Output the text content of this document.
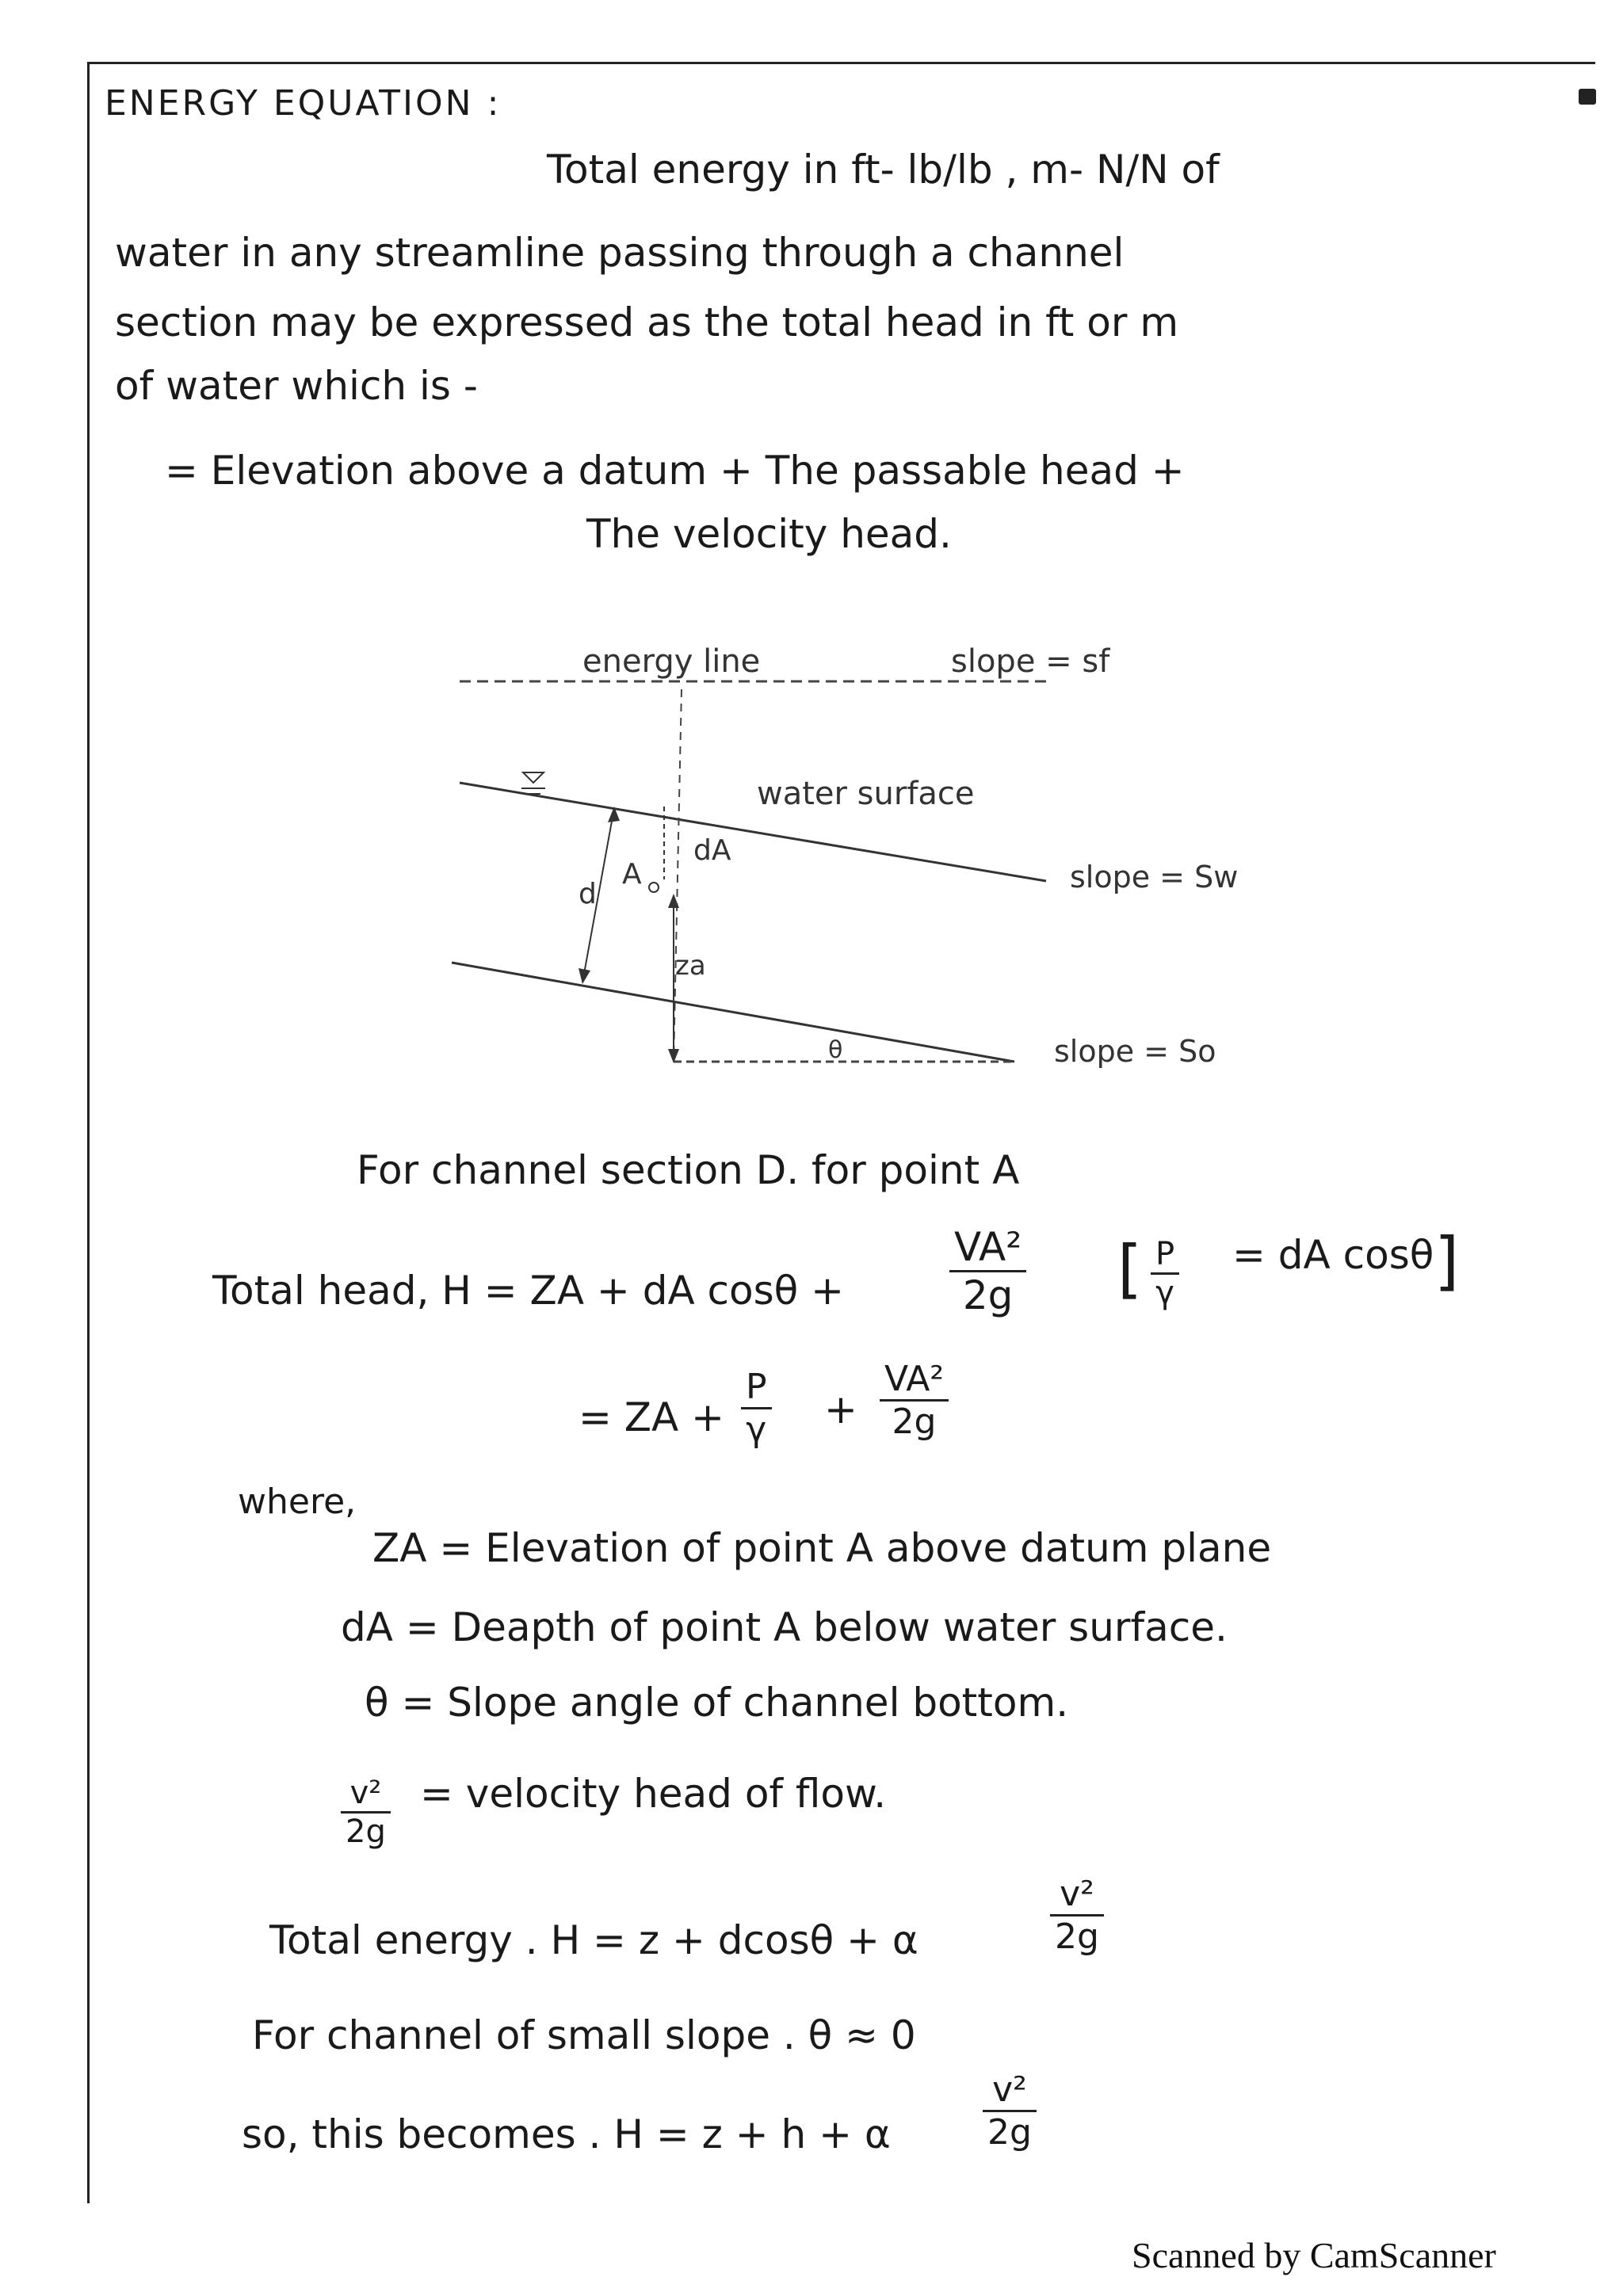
ENERGY EQUATION :
Total energy in ft- lb/lb , m- N/N of
water in any streamline passing through a channel
section may be expressed as the total head in ft or m
of water which is -
= Elevation above a datum + The passable head +
The velocity head.
energy line	slope = sf
water surface
slope = Sw
d
A
dA
za
θ	slope = So
For channel section D. for point A
Total head, H = ZA + dA cosθ +	$\frac{\text{VA²}}{2g}$ [ $\frac{P}{\gamma}$ = dA cosθ ]
= ZA + $\frac{P}{\gamma} + \frac{\text{VA²}}{2g}$
where,
ZA = Elevation of point A above datum plane
dA = Deapth of point A below water surface.
θ = Slope angle of channel bottom.
$\frac{\text{v²}}{2g}$ = velocity head of flow.
Total energy . H = z + dcosθ + α	$\frac{\text{v²}}{2g}$
For channel of small slope . θ ≈ 0
so, this becomes . H = z + h + α	$\frac{\text{v²}}{2g}$
Scanned by CamScanner
